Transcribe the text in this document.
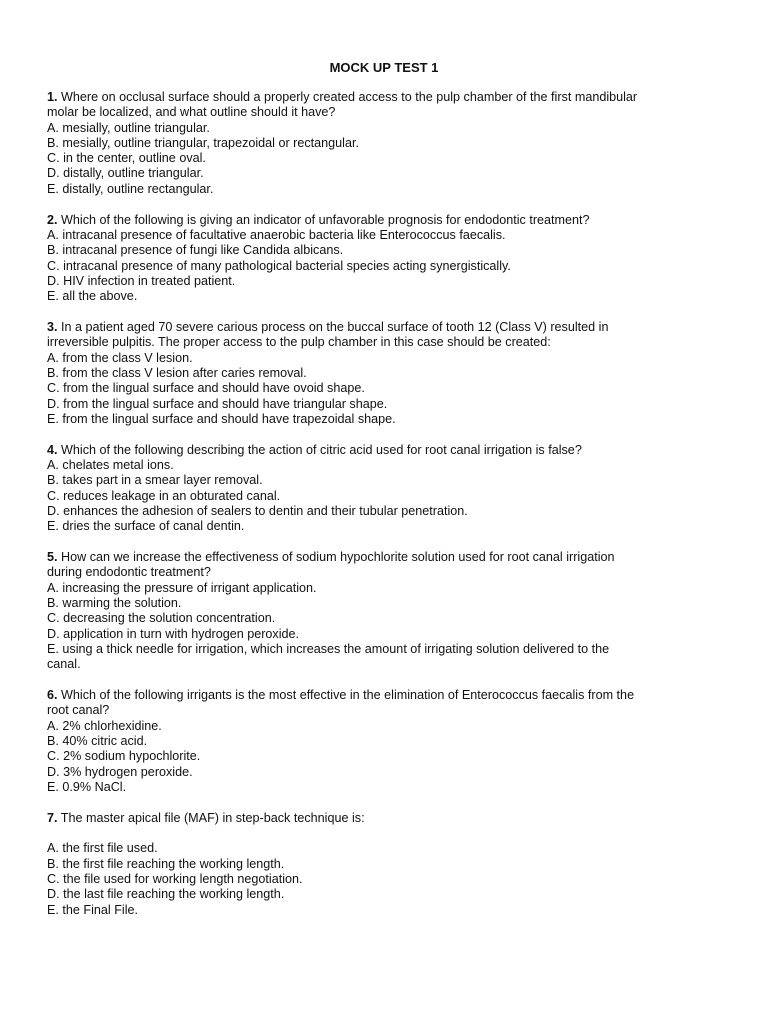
MOCK UP TEST 1
1. Where on occlusal surface should a properly created access to the pulp chamber of the first mandibular
molar be localized, and what outline should it have?
A. mesially, outline triangular.
B. mesially, outline triangular, trapezoidal or rectangular.
C. in the center, outline oval.
D. distally, outline triangular.
E. distally, outline rectangular.
2. Which of the following is giving an indicator of unfavorable prognosis for endodontic treatment?
A. intracanal presence of facultative anaerobic bacteria like Enterococcus faecalis.
B. intracanal presence of fungi like Candida albicans.
C. intracanal presence of many pathological bacterial species acting synergistically.
D. HIV infection in treated patient.
E. all the above.
3. In a patient aged 70 severe carious process on the buccal surface of tooth 12 (Class V) resulted in
irreversible pulpitis. The proper access to the pulp chamber in this case should be created:
A. from the class V lesion.
B. from the class V lesion after caries removal.
C. from the lingual surface and should have ovoid shape.
D. from the lingual surface and should have triangular shape.
E. from the lingual surface and should have trapezoidal shape.
4. Which of the following describing the action of citric acid used for root canal irrigation is false?
A. chelates metal ions.
B. takes part in a smear layer removal.
C. reduces leakage in an obturated canal.
D. enhances the adhesion of sealers to dentin and their tubular penetration.
E. dries the surface of canal dentin.
5. How can we increase the effectiveness of sodium hypochlorite solution used for root canal irrigation
during endodontic treatment?
A. increasing the pressure of irrigant application.
B. warming the solution.
C. decreasing the solution concentration.
D. application in turn with hydrogen peroxide.
E. using a thick needle for irrigation, which increases the amount of irrigating solution delivered to the
canal.
6. Which of the following irrigants is the most effective in the elimination of Enterococcus faecalis from the
root canal?
A. 2% chlorhexidine.
B. 40% citric acid.
C. 2% sodium hypochlorite.
D. 3% hydrogen peroxide.
E. 0.9% NaCl.
7. The master apical file (MAF) in step-back technique is:
A. the first file used.
B. the first file reaching the working length.
C. the file used for working length negotiation.
D. the last file reaching the working length.
E. the Final File.
